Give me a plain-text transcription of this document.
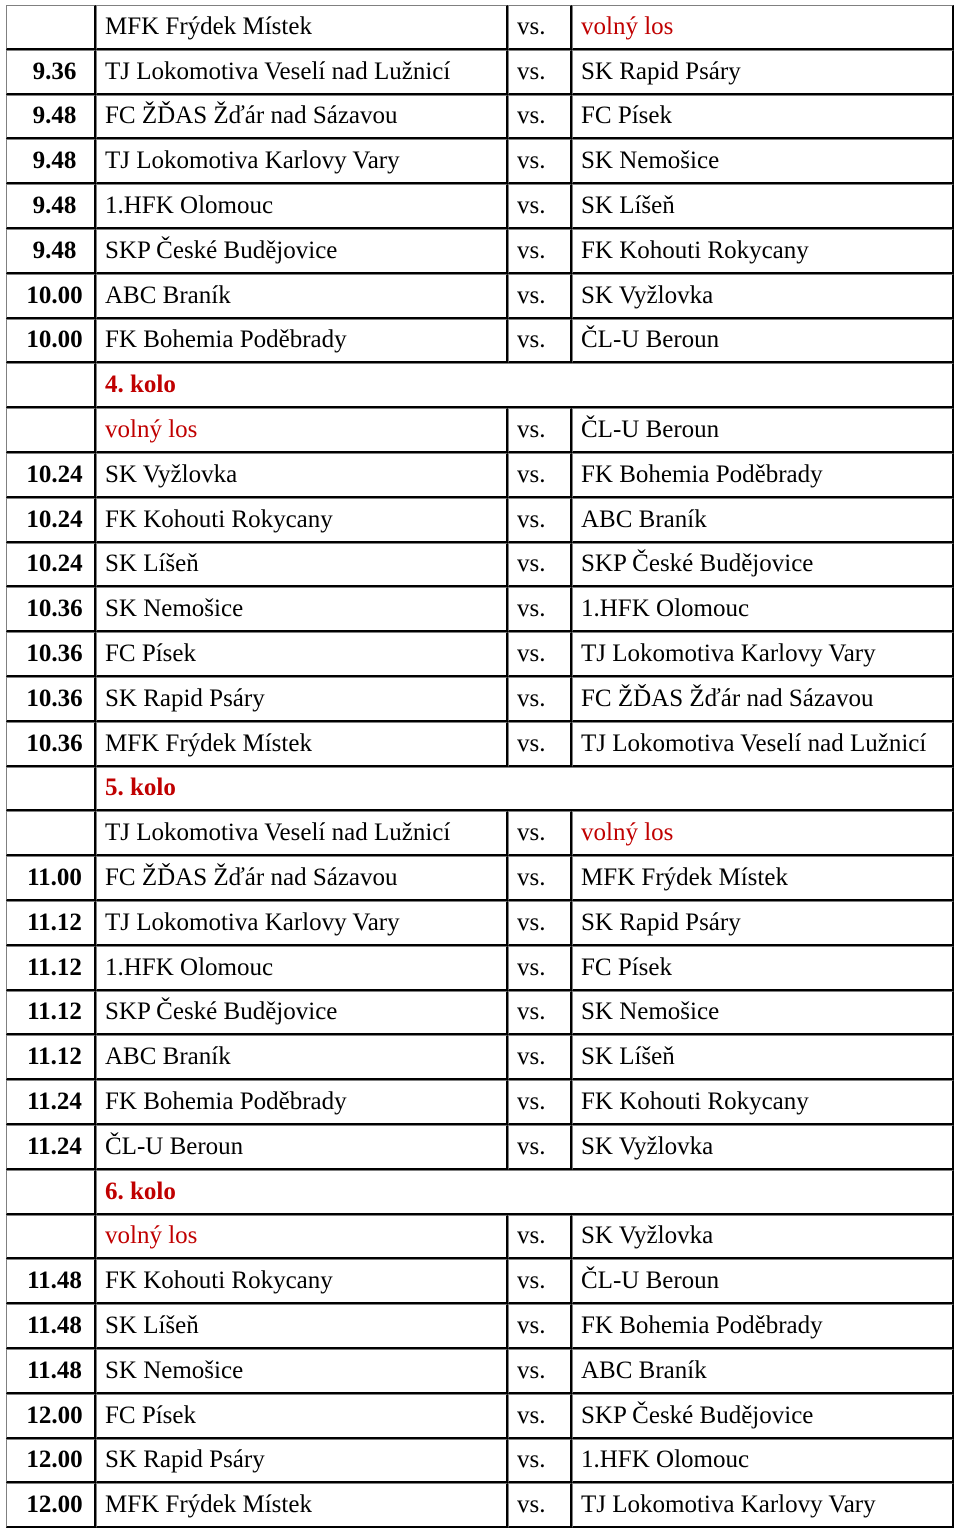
	MFK Frýdek Místek	vs.	volný los
9.36	TJ Lokomotiva Veselí nad Lužnicí	vs.	SK Rapid Psáry
9.48	FC ŽĎAS Žďár nad Sázavou	vs.	FC Písek
9.48	TJ Lokomotiva Karlovy Vary	vs.	SK Nemošice
9.48	1.HFK Olomouc	vs.	SK Líšeň
9.48	SKP České Budějovice	vs.	FK Kohouti Rokycany
10.00	ABC Braník	vs.	SK Vyžlovka
10.00	FK Bohemia Poděbrady	vs.	ČL-U Beroun
	4. kolo		
	volný los	vs.	ČL-U Beroun
10.24	SK Vyžlovka	vs.	FK Bohemia Poděbrady
10.24	FK Kohouti Rokycany	vs.	ABC Braník
10.24	SK Líšeň	vs.	SKP České Budějovice
10.36	SK Nemošice	vs.	1.HFK Olomouc
10.36	FC Písek	vs.	TJ Lokomotiva Karlovy Vary
10.36	SK Rapid Psáry	vs.	FC ŽĎAS Žďár nad Sázavou
10.36	MFK Frýdek Místek	vs.	TJ Lokomotiva Veselí nad Lužnicí
	5. kolo		
	TJ Lokomotiva Veselí nad Lužnicí	vs.	volný los
11.00	FC ŽĎAS Žďár nad Sázavou	vs.	MFK Frýdek Místek
11.12	TJ Lokomotiva Karlovy Vary	vs.	SK Rapid Psáry
11.12	1.HFK Olomouc	vs.	FC Písek
11.12	SKP České Budějovice	vs.	SK Nemošice
11.12	ABC Braník	vs.	SK Líšeň
11.24	FK Bohemia Poděbrady	vs.	FK Kohouti Rokycany
11.24	ČL-U Beroun	vs.	SK Vyžlovka
	6. kolo		
	volný los	vs.	SK Vyžlovka
11.48	FK Kohouti Rokycany	vs.	ČL-U Beroun
11.48	SK Líšeň	vs.	FK Bohemia Poděbrady
11.48	SK Nemošice	vs.	ABC Braník
12.00	FC Písek	vs.	SKP České Budějovice
12.00	SK Rapid Psáry	vs.	1.HFK Olomouc
12.00	MFK Frýdek Místek	vs.	TJ Lokomotiva Karlovy Vary
